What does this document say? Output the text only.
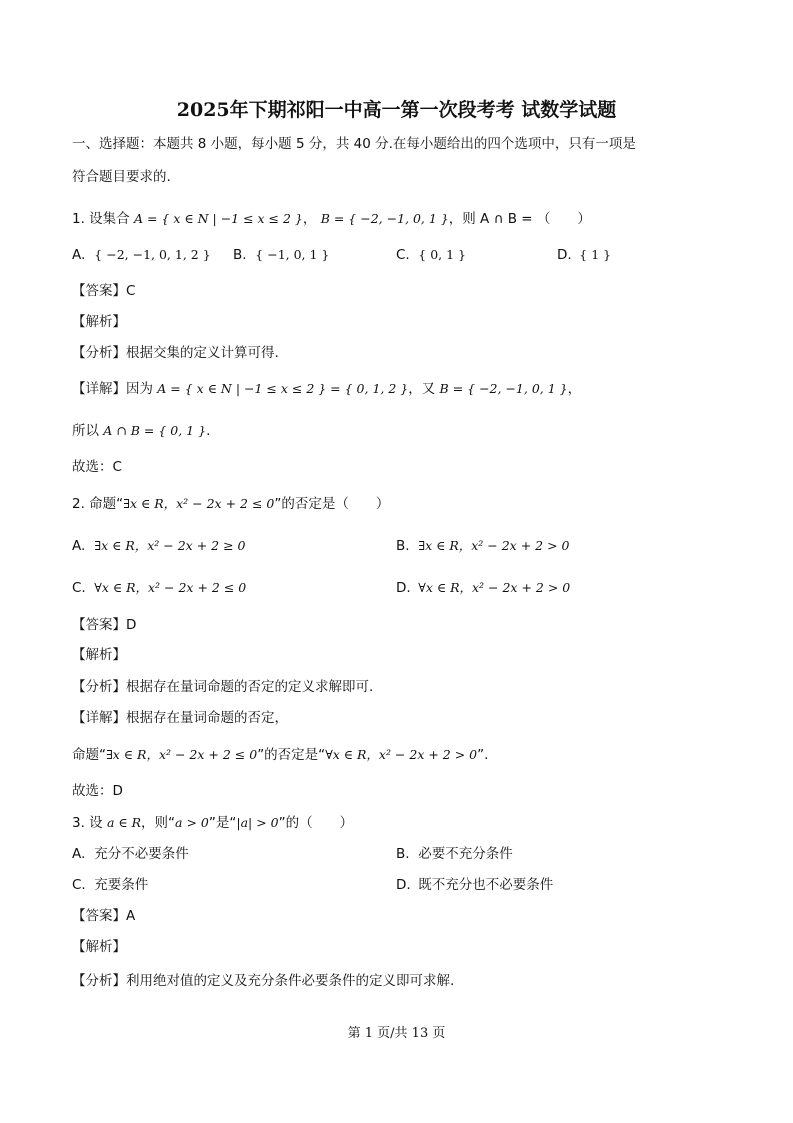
2025年下期祁阳一中高一第一次段考考 试数学试题
一、选择题：本题共 8 小题，每小题 5 分，共 40 分.在每小题给出的四个选项中，只有一项是
符合题目要求的.
1. 设集合 A = { x ∈ N | −1 ≤ x ≤ 2 }， B = { −2, −1, 0, 1 }，则 A ∩ B = （　　）
A. { −2, −1, 0, 1, 2 } B. { −1, 0, 1 }	C. { 0, 1 }	D. { 1 }
【答案】C
【解析】
【分析】根据交集的定义计算可得.
【详解】因为 A = { x ∈ N | −1 ≤ x ≤ 2 } = { 0, 1, 2 }，又 B = { −2, −1, 0, 1 }，
所以 A ∩ B = { 0, 1 }.
故选：C
2. 命题“∃x ∈ R，x² − 2x + 2 ≤ 0”的否定是（　　）
A. ∃x ∈ R，x² − 2x + 2 ≥ 0	B. ∃x ∈ R，x² − 2x + 2 > 0
C. ∀x ∈ R，x² − 2x + 2 ≤ 0	D. ∀x ∈ R，x² − 2x + 2 > 0
【答案】D
【解析】
【分析】根据存在量词命题的否定的定义求解即可.
【详解】根据存在量词命题的否定，
命题“∃x ∈ R，x² − 2x + 2 ≤ 0”的否定是“∀x ∈ R，x² − 2x + 2 > 0”.
故选：D
3. 设 a ∈ R，则“a > 0”是“|a| > 0”的（　　）
A. 充分不必要条件	B. 必要不充分条件
C. 充要条件	D. 既不充分也不必要条件
【答案】A
【解析】
【分析】利用绝对值的定义及充分条件必要条件的定义即可求解.
第 1 页/共 13 页
